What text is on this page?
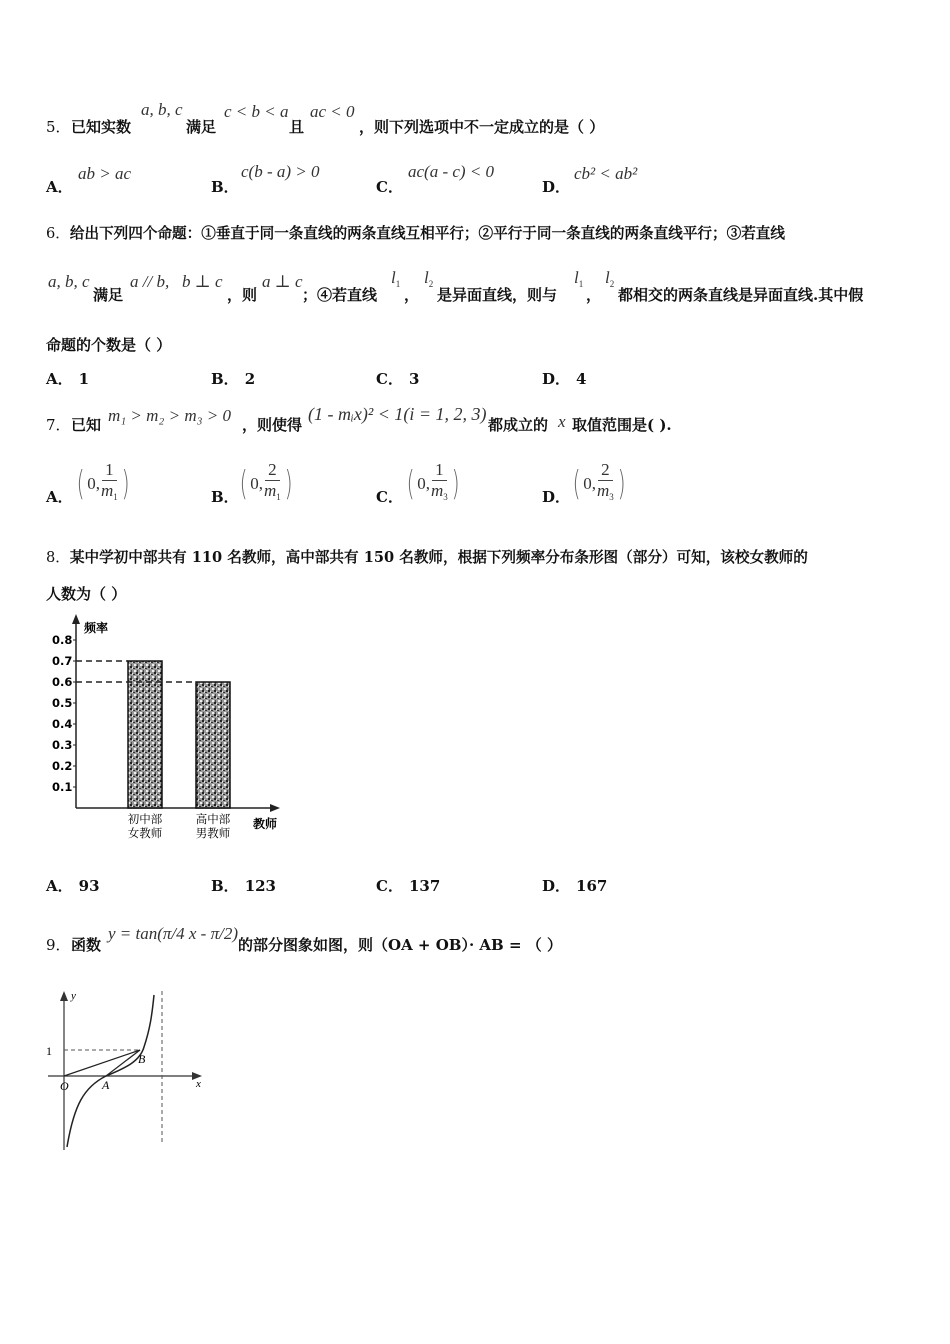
5． 已知实数
a, b, c
满足
c < b < a
且
ac < 0
，则下列选项中不一定成立的是（ ）
A．
ab > ac
B．
c(b - a) > 0
C．
ac(a - c) < 0
D．
cb² < ab²
6．给出下列四个命题：①垂直于同一条直线的两条直线互相平行；②平行于同一条直线的两条直线平行；③若直线
a, b, c
满足
a // b, b ⊥ c
，则
a ⊥ c
；④若直线
$l_1$
，
$l_2$
是异面直线，则与
$l_1$
，
$l_2$
都相交的两条直线是异面直线.其中假
命题的个数是（ ）
A． 1	B． 2	C． 3	D． 4
7． 已知 m₁ > m₂ > m₃ > 0 ，则使得
(1 - mᵢx)² < 1(i = 1, 2, 3)
都成立的 x 取值范围是( ).
A． ( 0, $\frac{1}{m_1}$ )	B． ( 0, $\frac{2}{m_1}$ )	C． ( 0, $\frac{1}{m_3}$ )	D． ( 0, $\frac{2}{m_3}$ )
8．某中学初中部共有 110 名教师，高中部共有 150 名教师，根据下列频率分布条形图（部分）可知，该校女教师的
人数为（ ）
频率
教师
0.1
0.2
0.3
0.4
0.5
0.6
0.7
0.8
初中部
女教师
高中部
男教师
A． 93	B． 123	C． 137	D． 167
9． 函数
y = tan(π/4 x - π/2)
的部分图象如图，则（OA + OB）· AB = （ ）
y
x
1
O	A
B
